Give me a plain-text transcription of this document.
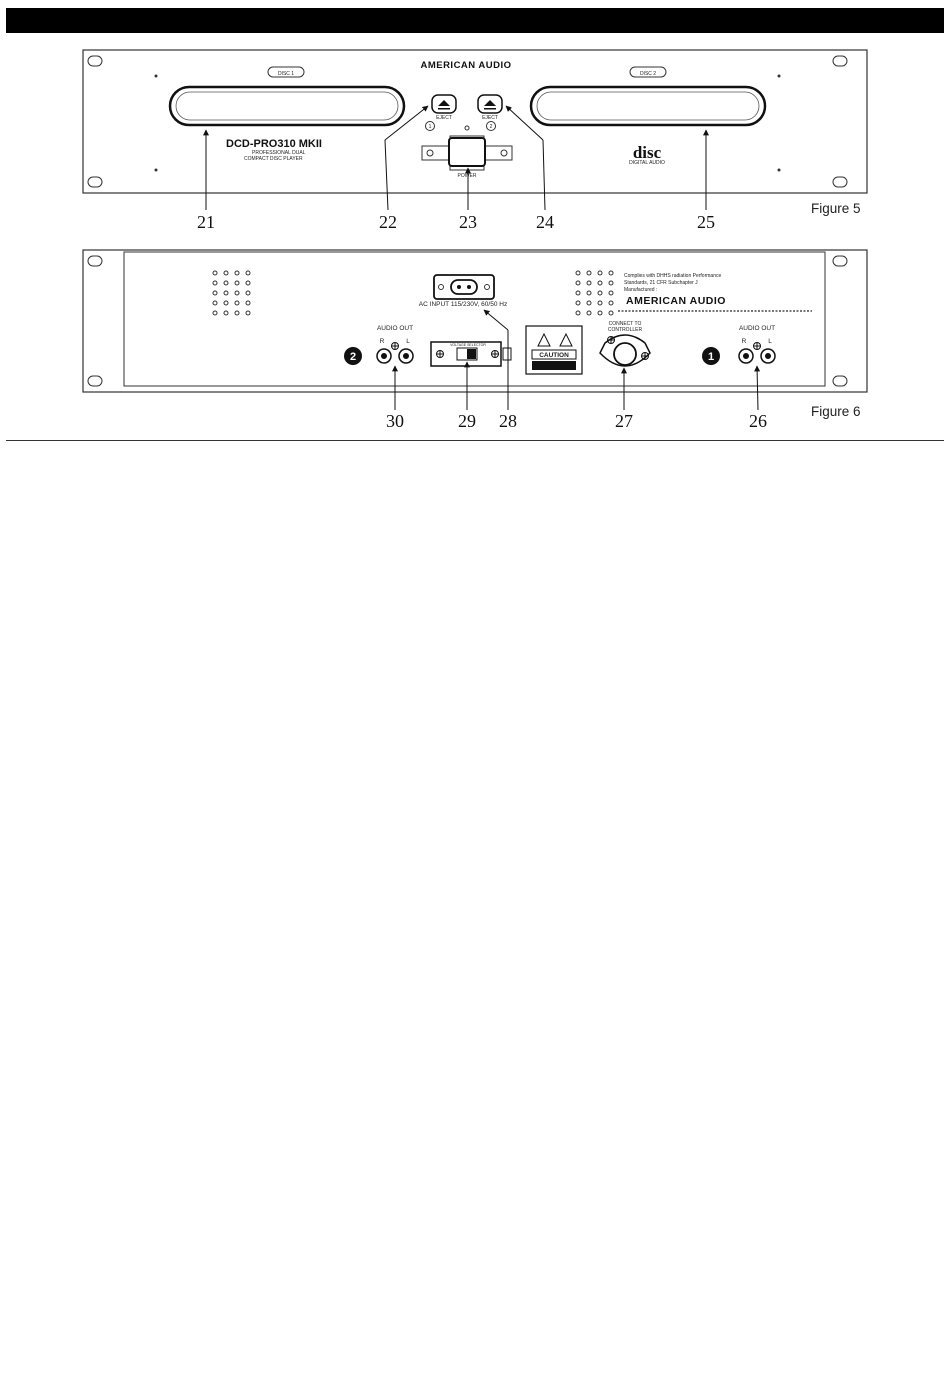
AMERICAN AUDIO
DISC 1	DISC 2
EJECT	EJECT
1	2
POWER
DCD-PRO310 MKII
PROFESSIONAL DUAL
COMPACT DISC PLAYER	disc
DIGITAL AUDIO
21	22	23	24	25
AC INPUT 115/230V, 60/50 Hz
2
AUDIO OUT
R	L	VOLTAGE SELECTOR
CAUTION
CONNECT TO
CONTROLLER
Complies with DHHS radiation Performance
Standards, 21 CFR Subchapter J
Manufactured :
AMERICAN AUDIO
1
AUDIO OUT
R	L
30	29 28	27	26
Figure 5
Figure 6
